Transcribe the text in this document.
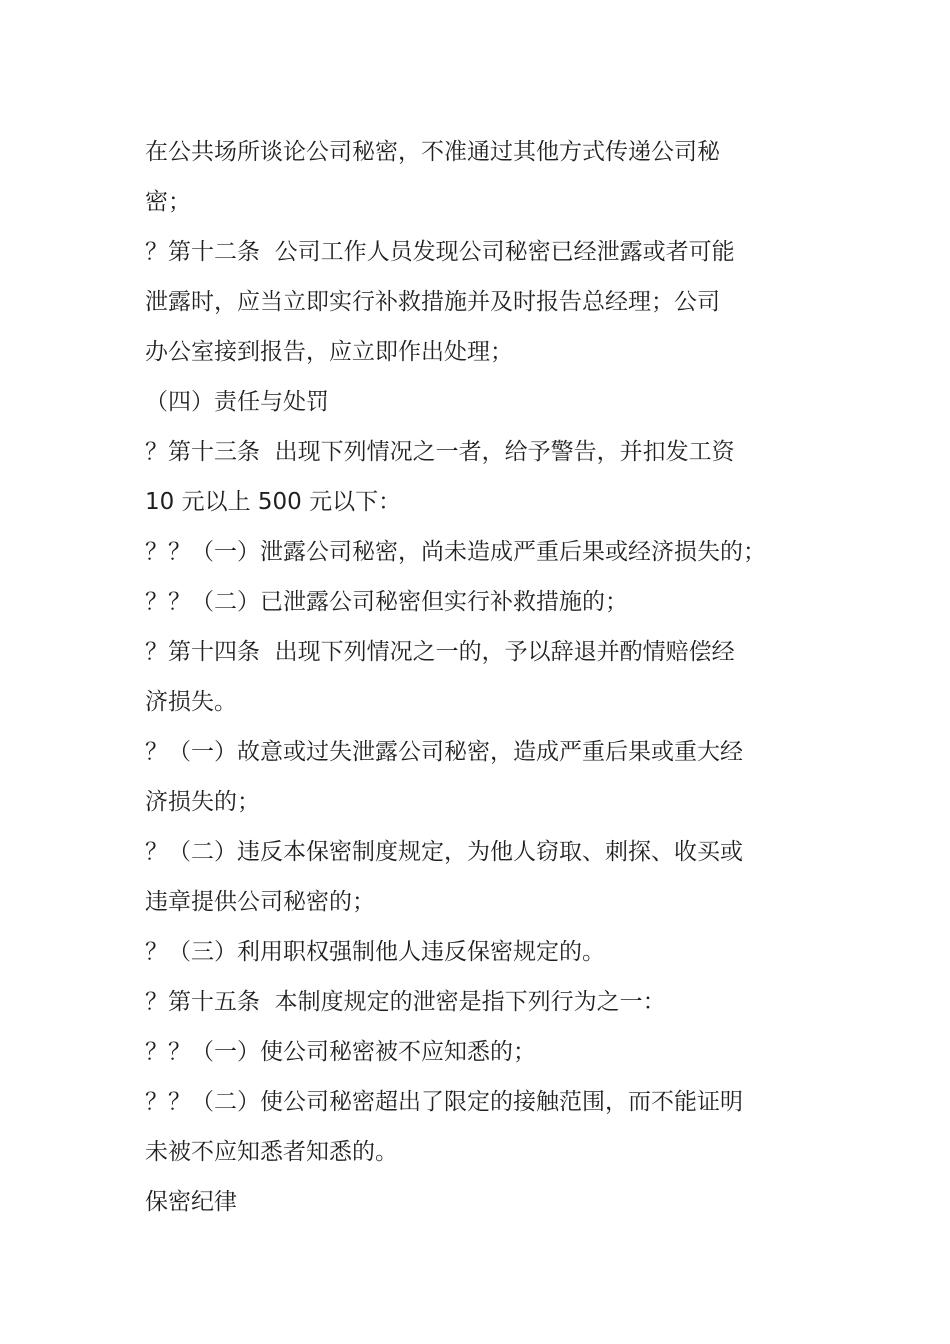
在公共场所谈论公司秘密，不准通过其他方式传递公司秘
密；
？第十二条  公司工作人员发现公司秘密已经泄露或者可能
泄露时，应当立即实行补救措施并及时报告总经理；公司
办公室接到报告，应立即作出处理；
（四）责任与处罚
？第十三条  出现下列情况之一者，给予警告，并扣发工资
10 元以上 500 元以下：
？？（一）泄露公司秘密，尚未造成严重后果或经济损失的；
？？（二）已泄露公司秘密但实行补救措施的；
？第十四条  出现下列情况之一的，予以辞退并酌情赔偿经
济损失。
？（一）故意或过失泄露公司秘密，造成严重后果或重大经
济损失的；
？（二）违反本保密制度规定，为他人窃取、刺探、收买或
违章提供公司秘密的；
？（三）利用职权强制他人违反保密规定的。
？第十五条  本制度规定的泄密是指下列行为之一：
？？（一）使公司秘密被不应知悉的；
？？（二）使公司秘密超出了限定的接触范围，而不能证明
未被不应知悉者知悉的。
保密纪律
